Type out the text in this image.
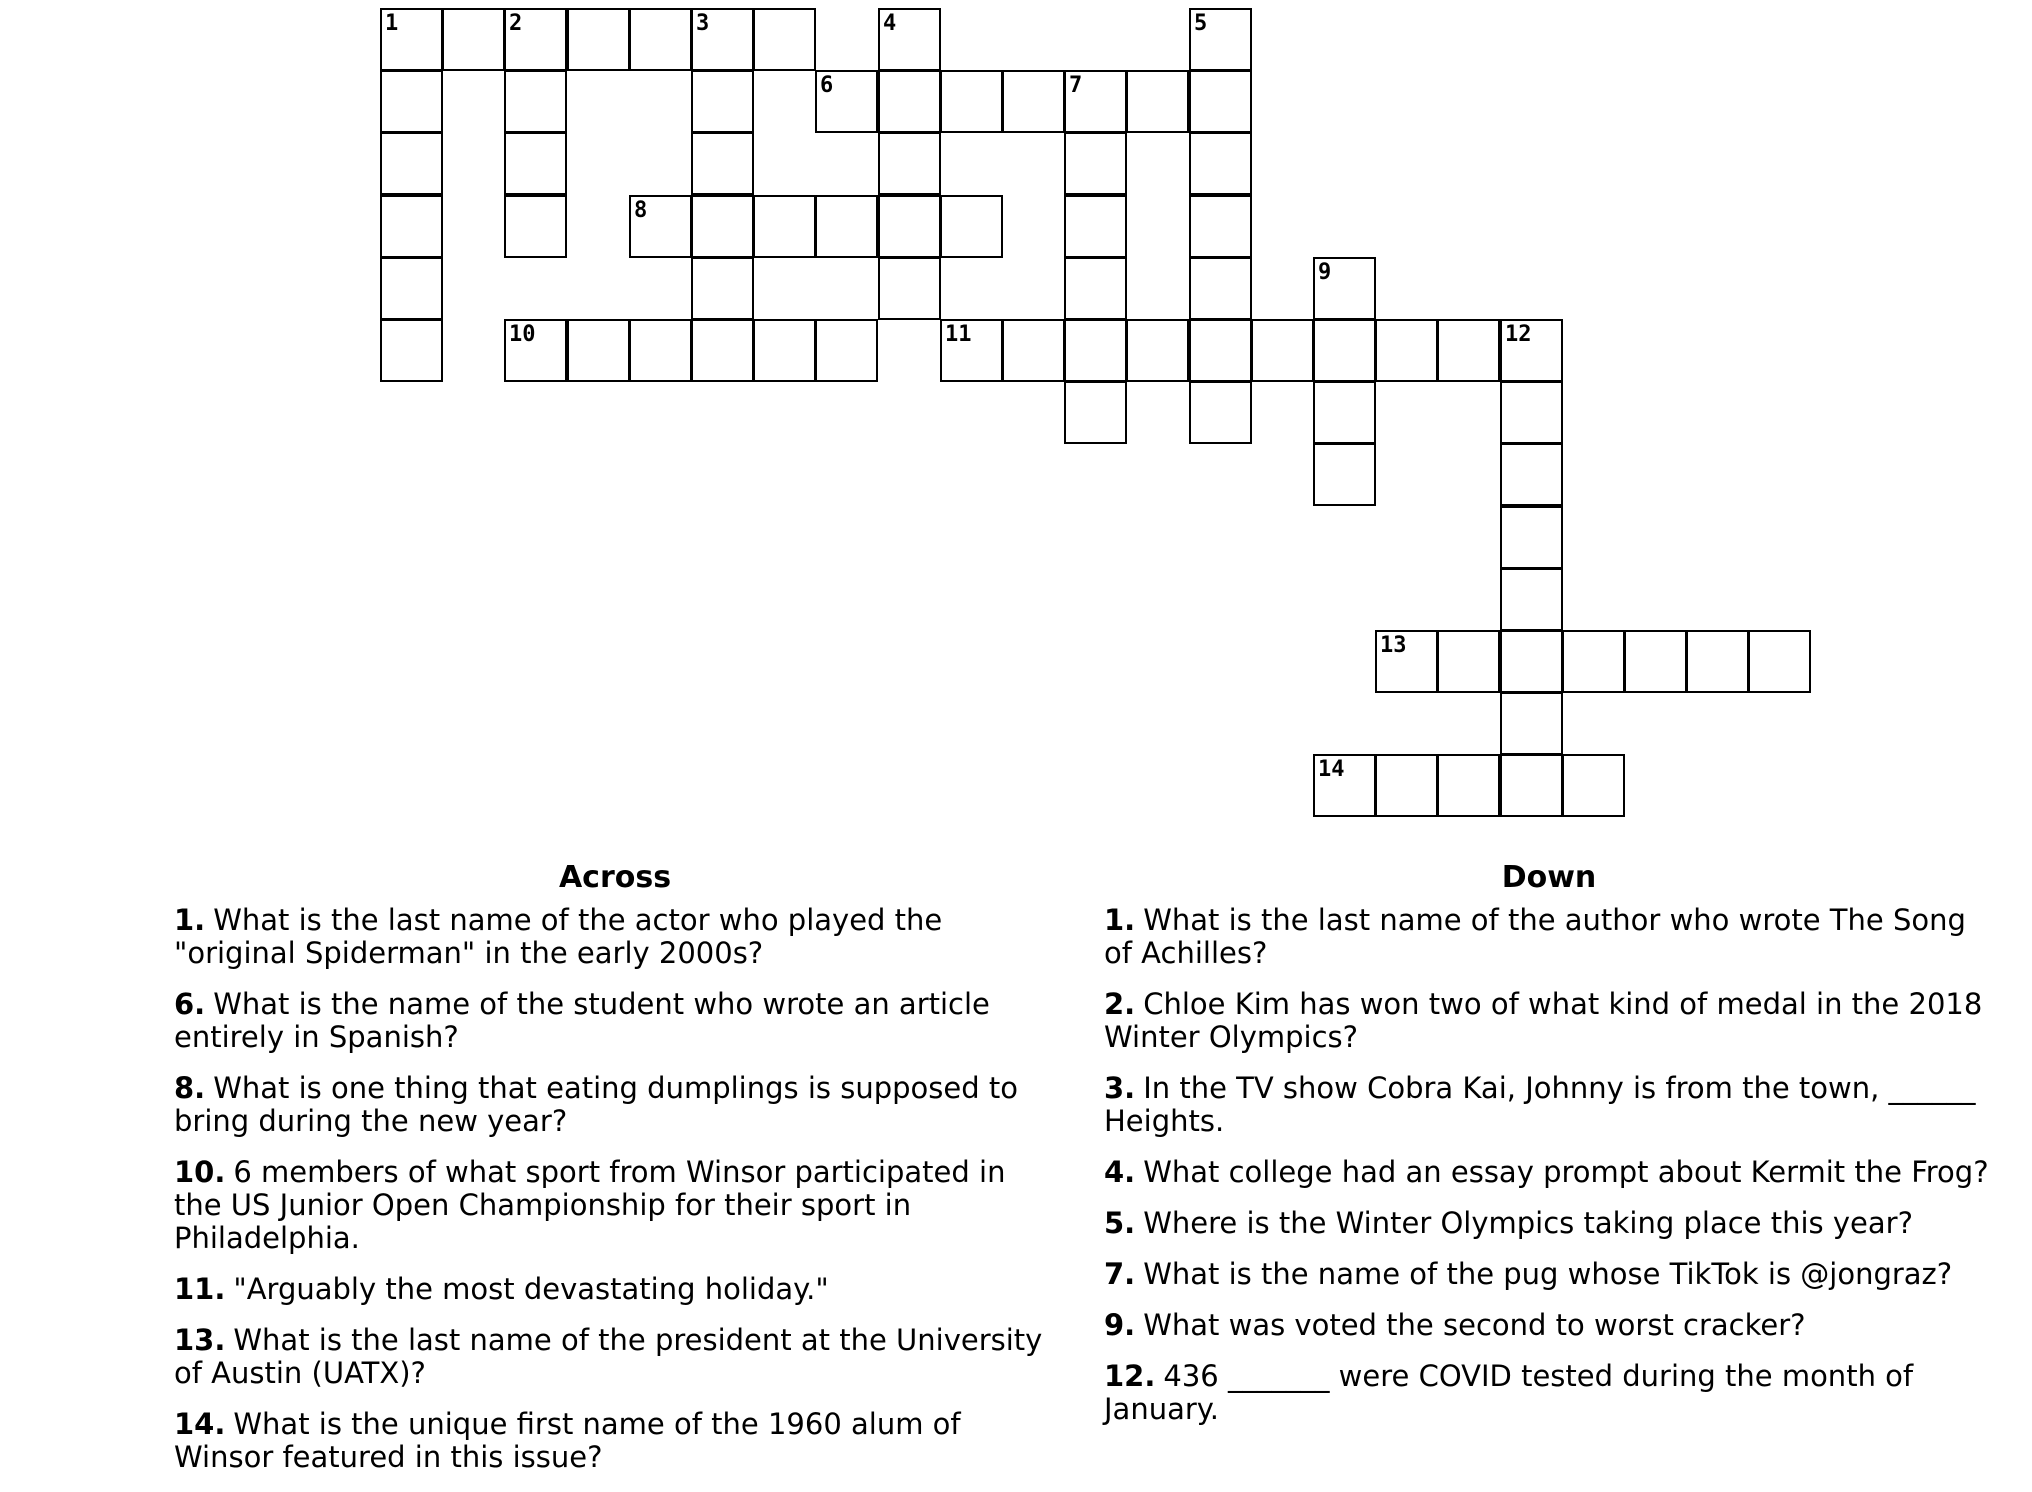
1	2	3	4	5
6	7
8
9
10	11	12
13
14
Across
1. What is the last name of the actor who played the "original Spiderman" in the early 2000s?
6. What is the name of the student who wrote an article entirely in Spanish?
8. What is one thing that eating dumplings is supposed to bring during the new year?
10. 6 members of what sport from Winsor participated in the US Junior Open Championship for their sport in Philadelphia.
11. "Arguably the most devastating holiday."
13. What is the last name of the president at the University of Austin (UATX)?
14. What is the unique first name of the 1960 alum of Winsor featured in this issue?
Down
1. What is the last name of the author who wrote The Song of Achilles?
2. Chloe Kim has won two of what kind of medal in the 2018 Winter Olympics?
3. In the TV show Cobra Kai, Johnny is from the town, ______ Heights.
4. What college had an essay prompt about Kermit the Frog?
5. Where is the Winter Olympics taking place this year?
7. What is the name of the pug whose TikTok is @jongraz?
9. What was voted the second to worst cracker?
12. 436 _______ were COVID tested during the month of January.
